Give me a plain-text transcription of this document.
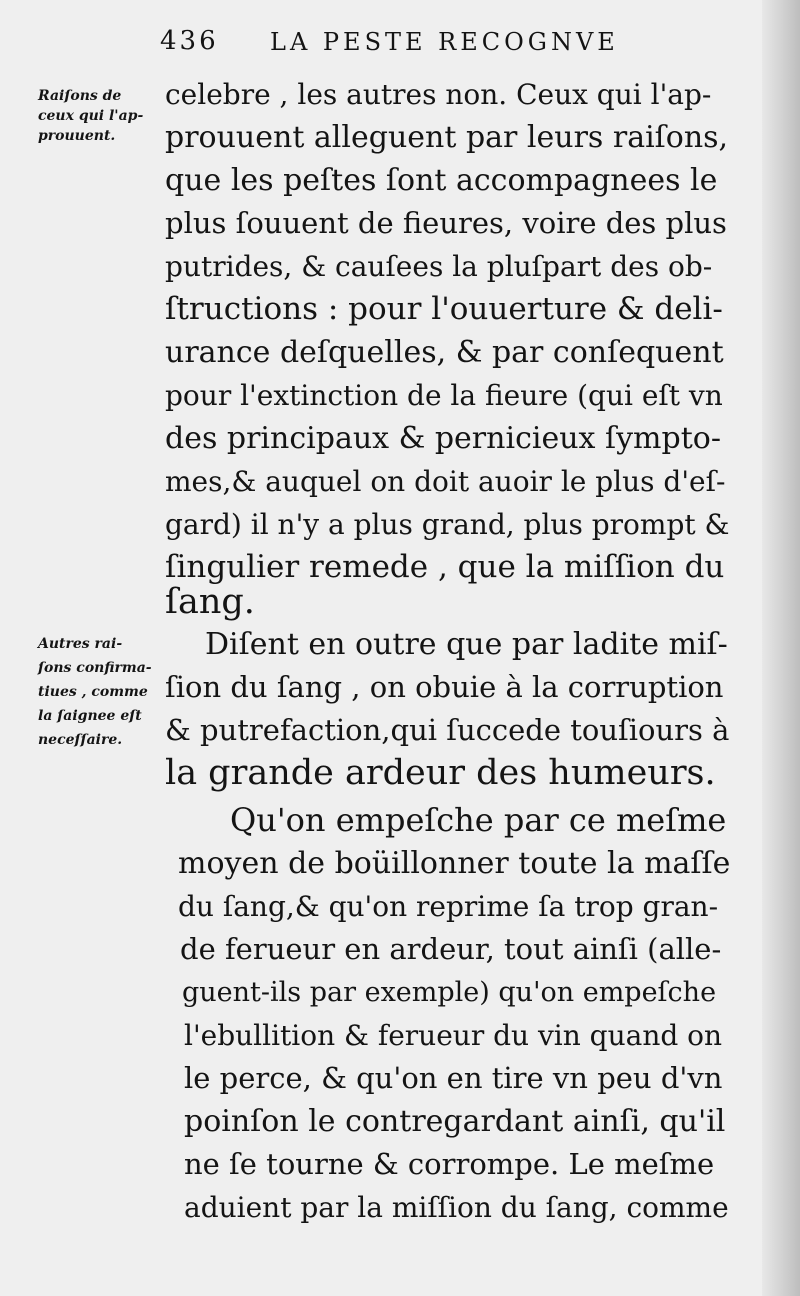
436 LA PESTE RECOGNVE
Raiſons de
ceux qui l'ap-
prouuent.
Autres rai-
ſons confirma-
tiues , comme
la ſaignee eſt
neceſſaire.
celebre , les autres non. Ceux qui l'ap-
prouuent alleguent par leurs raiſons,
que les peſtes ſont accompagnees le
plus ſouuent de fieures, voire des plus
putrides, & cauſees la pluſpart des ob-
ſtructions : pour l'ouuerture & deli-
urance deſquelles, & par conſequent
pour l'extinction de la fieure (qui eſt vn
des principaux & pernicieux ſympto-
mes,& auquel on doit auoir le plus d'eſ-
gard) il n'y a plus grand, plus prompt &
ſingulier remede , que la miſſion du
ſang.
Diſent en outre que par ladite miſ-
ſion du ſang , on obuie à la corruption
& putrefaction,qui ſuccede touſiours à
la grande ardeur des humeurs.
Qu'on empeſche par ce meſme
moyen de boüillonner toute la maſſe
du ſang,& qu'on reprime ſa trop gran-
de ferueur en ardeur, tout ainſi (alle-
guent-ils par exemple) qu'on empeſche
l'ebullition & ferueur du vin quand on
le perce, & qu'on en tire vn peu d'vn
poinſon le contregardant ainſi, qu'il
ne ſe tourne & corrompe. Le meſme
aduient par la miſſion du ſang, comme
